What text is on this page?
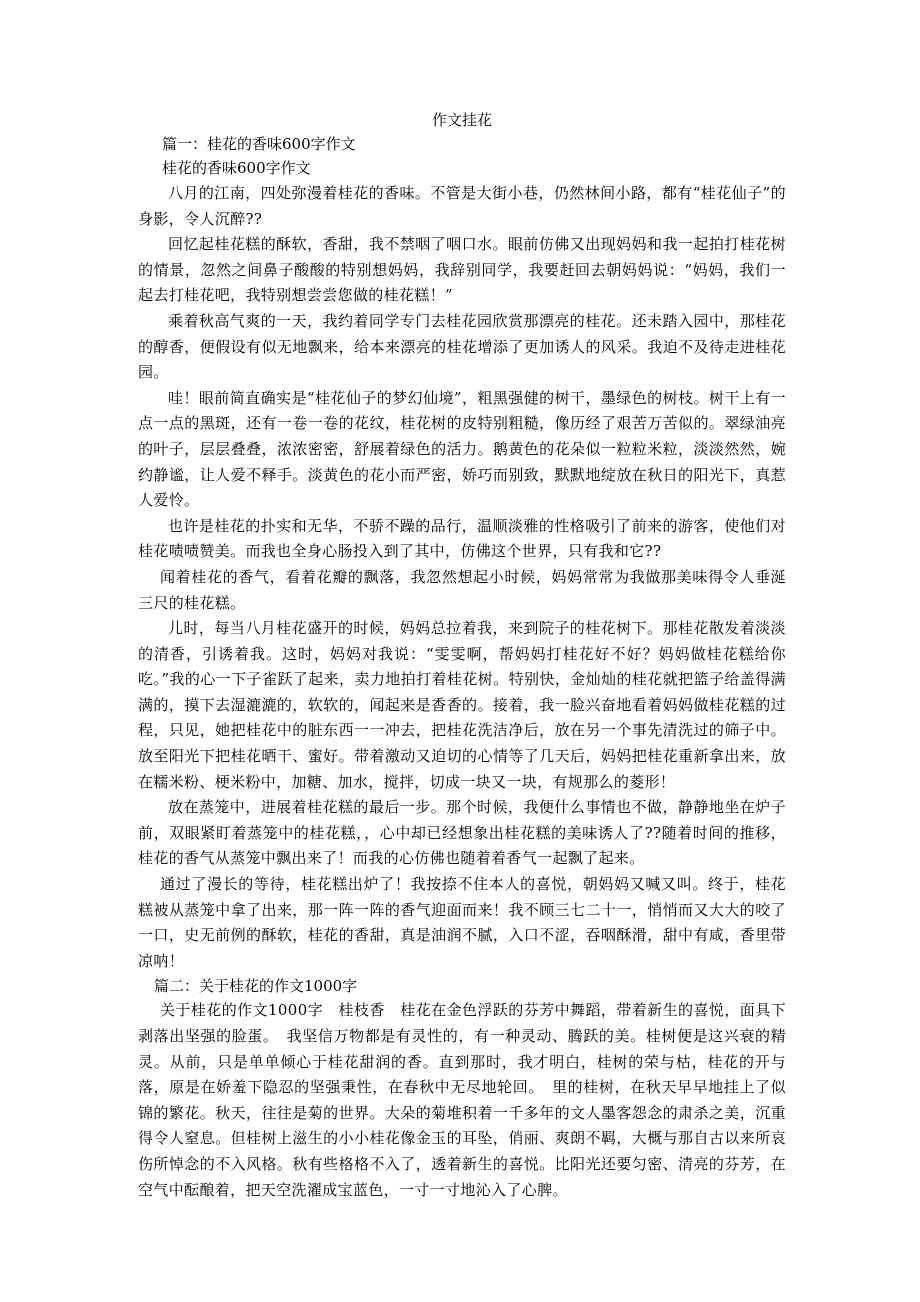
作文挂花
篇一：桂花的香味600字作文
桂花的香味600字作文

八月的江南，四处弥漫着桂花的香味。不管是大街小巷，仍然林间小路，都有“桂花仙子”的身影，令人沉醉??

回忆起桂花糕的酥软，香甜，我不禁咽了咽口水。眼前仿佛又出现妈妈和我一起拍打桂花树的情景，忽然之间鼻子酸酸的特别想妈妈，我辞别同学，我要赶回去朝妈妈说：“妈妈，我们一起去打桂花吧，我特别想尝尝您做的桂花糕！”

乘着秋高气爽的一天，我约着同学专门去桂花园欣赏那漂亮的桂花。还未踏入园中，那桂花的醇香，便假设有似无地飘来，给本来漂亮的桂花增添了更加诱人的风采。我迫不及待走进桂花园。

哇！眼前简直确实是“桂花仙子的梦幻仙境”，粗黑强健的树干，墨绿色的树枝。树干上有一点一点的黑斑，还有一卷一卷的花纹，桂花树的皮特别粗糙，像历经了艰苦万苦似的。翠绿油亮的叶子，层层叠叠，浓浓密密，舒展着绿色的活力。鹅黄色的花朵似一粒粒米粒，淡淡然然，婉约静谧，让人爱不释手。淡黄色的花小而严密，娇巧而别致，默默地绽放在秋日的阳光下，真惹人爱怜。

也许是桂花的扑实和无华，不骄不躁的品行，温顺淡雅的性格吸引了前来的游客，使他们对桂花啧啧赞美。而我也全身心肠投入到了其中，仿佛这个世界，只有我和它??

闻着桂花的香气，看着花瓣的飘落，我忽然想起小时候，妈妈常常为我做那美味得令人垂涎三尺的桂花糕。

儿时，每当八月桂花盛开的时候，妈妈总拉着我，来到院子的桂花树下。那桂花散发着淡淡的清香，引诱着我。这时，妈妈对我说：“雯雯啊，帮妈妈打桂花好不好？妈妈做桂花糕给你吃。”我的心一下子雀跃了起来，卖力地拍打着桂花树。特别快，金灿灿的桂花就把篮子给盖得满满的，摸下去湿漉漉的，软软的，闻起来是香香的。接着，我一脸兴奋地看着妈妈做桂花糕的过程，只见，她把桂花中的脏东西一一冲去，把桂花洗洁净后，放在另一个事先清洗过的筛子中。放至阳光下把桂花晒干、蜜好。带着激动又迫切的心情等了几天后，妈妈把桂花重新拿出来，放在糯米粉、梗米粉中，加糖、加水，搅拌，切成一块又一块，有规那么的菱形！

放在蒸笼中，进展着桂花糕的最后一步。那个时候，我便什么事情也不做，静静地坐在炉子前，双眼紧盯着蒸笼中的桂花糕，，心中却已经想象出桂花糕的美味诱人了??随着时间的推移，桂花的香气从蒸笼中飘出来了！而我的心仿佛也随着着香气一起飘了起来。

通过了漫长的等待，桂花糕出炉了！我按捺不住本人的喜悦，朝妈妈又喊又叫。终于，桂花糕被从蒸笼中拿了出来，那一阵一阵的香气迎面而来！我不顾三七二十一，悄悄而又大大的咬了一口，史无前例的酥软，桂花的香甜，真是油润不腻，入口不涩，吞咽酥滑，甜中有咸，香里带凉呐！

篇二：关于桂花的作文1000字

关于桂花的作文1000字　桂枝香　桂花在金色浮跃的芬芳中舞蹈，带着新生的喜悦，面具下剥落出坚强的脸蛋。　我坚信万物都是有灵性的，有一种灵动、腾跃的美。桂树便是这兴衰的精灵。从前，只是单单倾心于桂花甜润的香。直到那时，我才明白，桂树的荣与枯，桂花的开与落，原是在娇羞下隐忍的坚强秉性，在春秋中无尽地轮回。　里的桂树，在秋天早早地挂上了似锦的繁花。秋天，往往是菊的世界。大朵的菊堆积着一千多年的文人墨客怨念的肃杀之美，沉重得令人窒息。但桂树上滋生的小小桂花像金玉的耳坠，俏丽、爽朗不羁，大概与那自古以来所哀伤所悼念的不入风格。秋有些格格不入了，透着新生的喜悦。比阳光还要匀密、清亮的芬芳，在空气中酝酿着，把天空洗濯成宝蓝色，一寸一寸地沁入了心脾。
